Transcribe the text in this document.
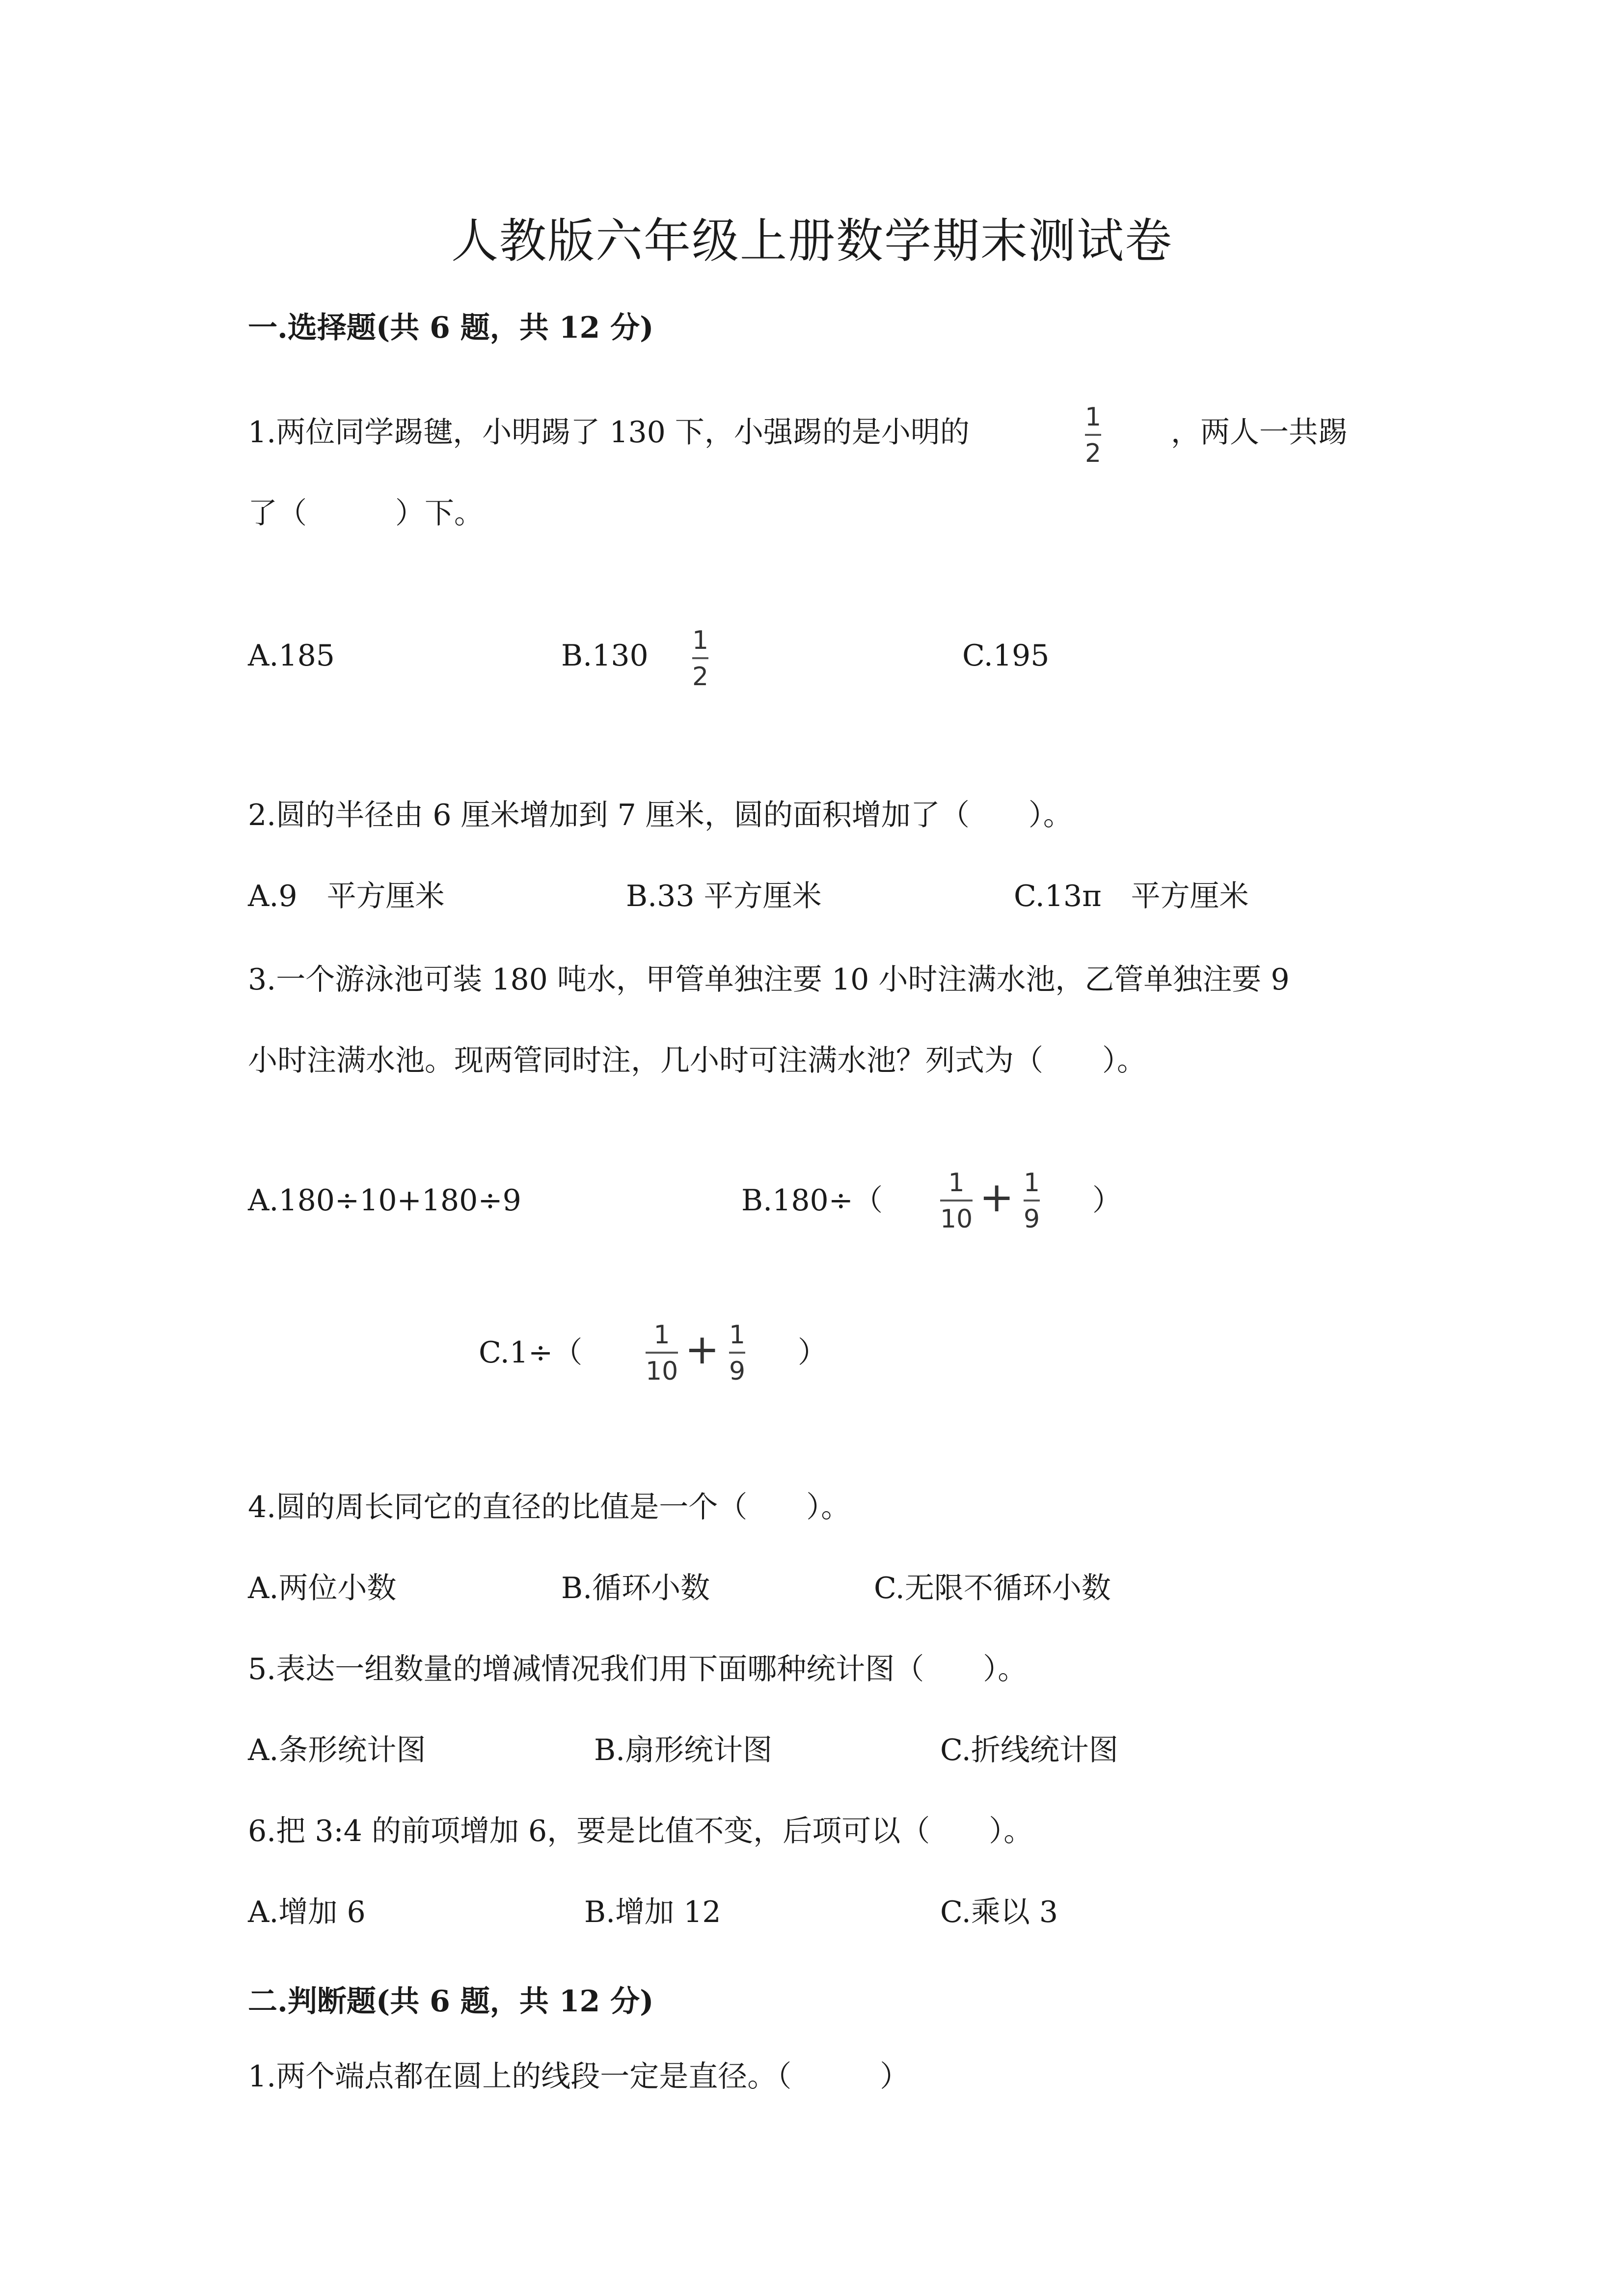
人教版六年级上册数学期末测试卷
一.选择题(共 6 题，共 12 分)
1.两位同学踢毽，小明踢了 130 下，小强踢的是小明的	1
2
，两人一共踢
了（　　　）下。
A.185	B.130 1
2
C.195
2.圆的半径由 6 厘米增加到 7 厘米，圆的面积增加了（　　）。
A.9　平方厘米	B.33 平方厘米	C.13π　平方厘米
3.一个游泳池可装 180 吨水，甲管单独注要 10 小时注满水池，乙管单独注要 9
小时注满水池。现两管同时注，几小时可注满水池？列式为（　　）。
A.180÷10+180÷9	B.180÷（
1
10 + 1
9
）
C.1÷（
1
10 + 1
9
）
4.圆的周长同它的直径的比值是一个（　　）。
A.两位小数	B.循环小数	C.无限不循环小数
5.表达一组数量的增减情况我们用下面哪种统计图（　　）。
A.条形统计图	B.扇形统计图	C.折线统计图
6.把 3:4 的前项增加 6，要是比值不变，后项可以（　　）。
A.增加 6	B.增加 12	C.乘以 3
二.判断题(共 6 题，共 12 分)
1.两个端点都在圆上的线段一定是直径。（　　　）
